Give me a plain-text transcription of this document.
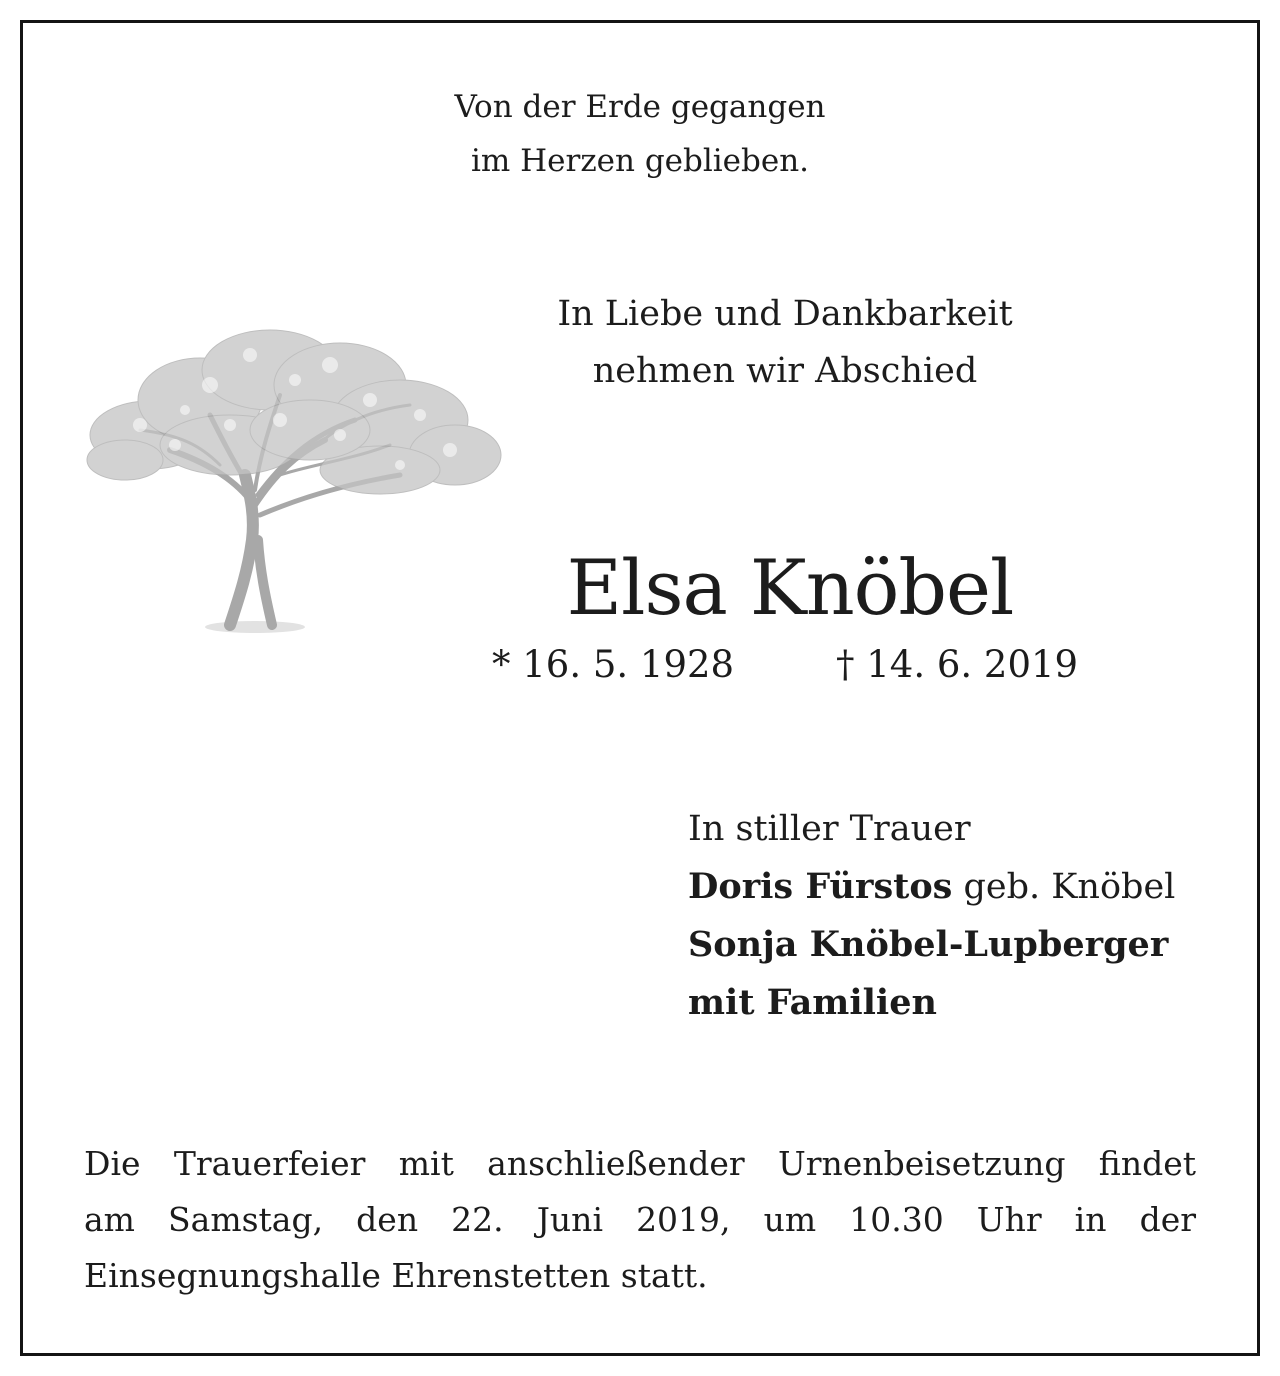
Von der Erde gegangen
im Herzen geblieben.
In Liebe und Dankbarkeit
nehmen wir Abschied
Elsa Knöbel
* 16. 5. 1928	† 14. 6. 2019
In stiller Trauer
Doris Fürstos geb. Knöbel
Sonja Knöbel-Lupberger
mit Familien
Die Trauerfeier mit anschließender Urnenbeisetzung findet
am Samstag, den 22. Juni 2019, um 10.30 Uhr in der
Einsegnungshalle Ehrenstetten statt.
